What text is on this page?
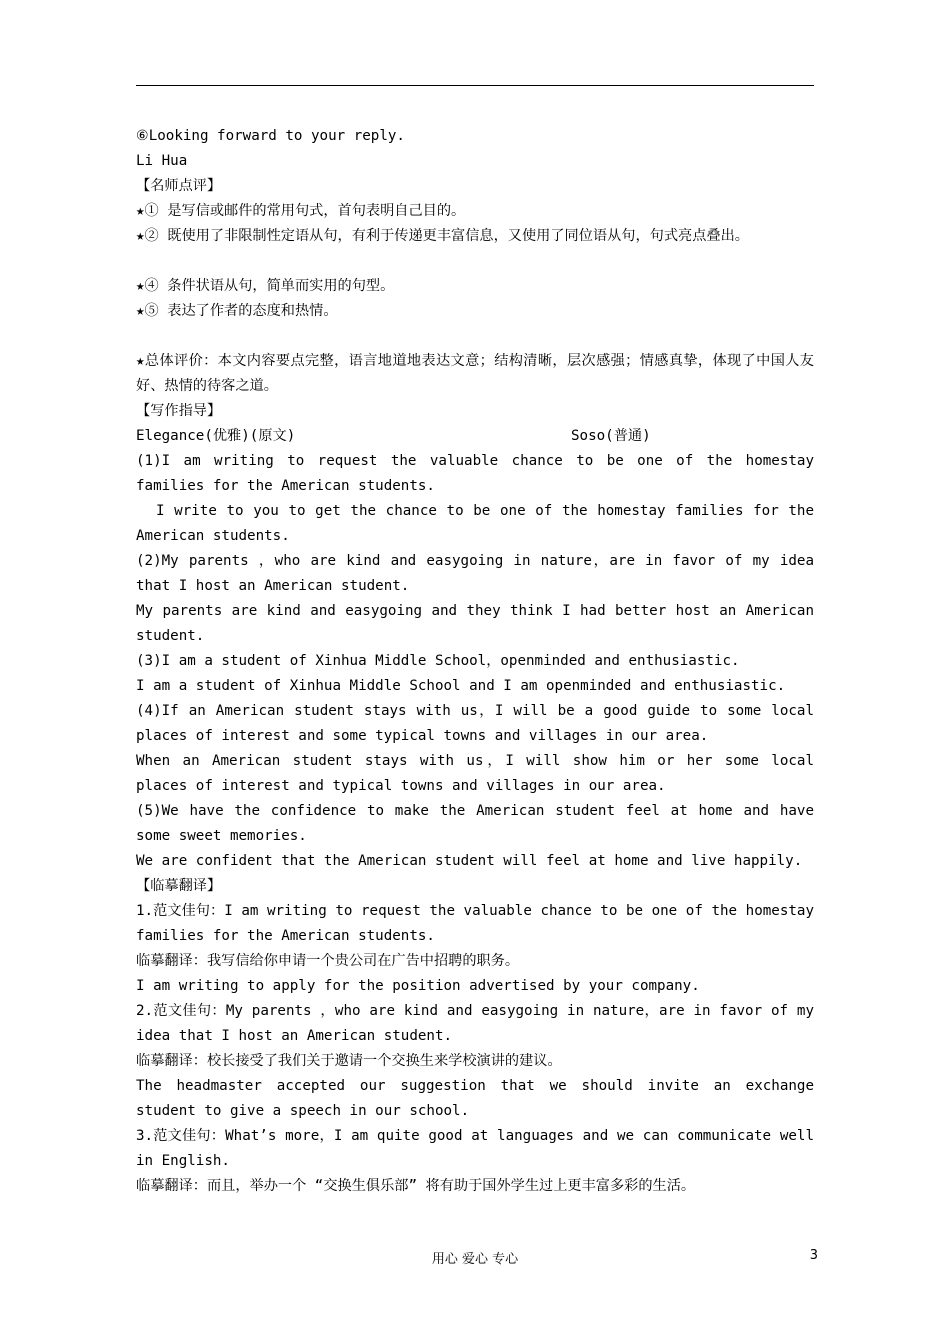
⑥Looking forward to your reply.

Li Hua

【名师点评】

★① 是写信或邮件的常用句式，首句表明自己目的。

★② 既使用了非限制性定语从句，有利于传递更丰富信息，又使用了同位语从句，句式亮点叠出。

★④ 条件状语从句，简单而实用的句型。

★⑤ 表达了作者的态度和热情。

★总体评价：本文内容要点完整，语言地道地表达文意；结构清晰，层次感强；情感真挚，体现了中国人友好、热情的待客之道。

【写作指导】

Elegance(优雅)(原文)	Soso(普通)

(1)I am writing to request the valuable chance to be one of the homestay families for the American students.

I write to you to get the chance to be one of the homestay families for the American students.

(2)My parents ，who are kind and easygoing in nature，are in favor of my idea that I host an American student.

My parents are kind and easygoing and they think I had better host an American student.

(3)I am a student of Xinhua Middle School，openminded and enthusiastic.

I am a student of Xinhua Middle School and I am openminded and enthusiastic.

(4)If an American student stays with us，I will be a good guide to some local places of interest and some typical towns and villages in our area.

When an American student stays with us，I will show him or her some local places of interest and typical towns and villages in our area.

(5)We have the confidence to make the American student feel at home and have some sweet memories.

We are confident that the American student will feel at home and live happily.

【临摹翻译】

1.范文佳句：I am writing to request the valuable chance to be one of the homestay families for the American students.

临摹翻译：我写信给你申请一个贵公司在广告中招聘的职务。

I am writing to apply for the position advertised by your company.

2.范文佳句：My parents ，who are kind and easygoing in nature，are in favor of my idea that I host an American student.

临摹翻译：校长接受了我们关于邀请一个交换生来学校演讲的建议。

The headmaster accepted our suggestion that we should invite an exchange student to give a speech in our school.

3.范文佳句：What’s more，I am quite good at languages and we can communicate well in English.

临摹翻译：而且，举办一个 “交换生俱乐部” 将有助于国外学生过上更丰富多彩的生活。

用心 爱心 专心	3
